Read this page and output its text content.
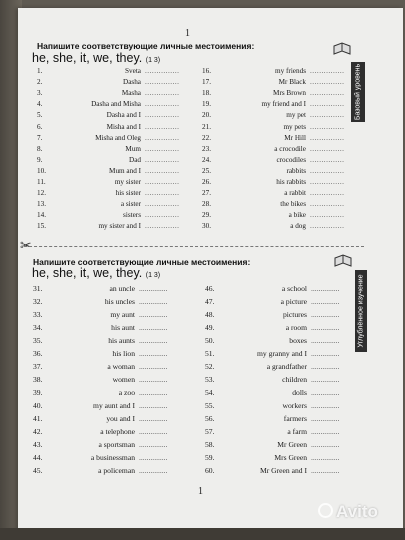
1
Напишите соответствующие личные местоимения:
he, she, it, we, they. (1 3)
Базовый уровень
1.	Sveta ...............
2.	Dasha ...............
3.	Masha ...............
4.	Dasha and Misha ...............
5.	Dasha and I ...............
6.	Misha and I ...............
7.	Misha and Oleg ...............
8.	Mum ...............
9.	Dad ...............
10.	Mum and I ...............
11.	my sister ...............
12.	his sister ...............
13.	a sister ...............
14.	sisters ...............
15.	my sister and I ...............
16.	my friends ...............
17.	Mr Black ...............
18.	Mrs Brown ...............
19.	my friend and I ...............
20.	my pet ...............
21.	my pets ...............
22.	Mr Hill ...............
23.	a crocodile ...............
24.	crocodiles ...............
25.	rabbits ...............
26.	his rabbits ...............
27.	a rabbit ...............
28.	the bikes ...............
29.	a bike ...............
30.	a dog ...............
✂
Напишите соответствующие личные местоимения:
he, she, it, we, they. (1 3)	Углублённое изучение
31.	an uncle ...............
32.	his uncles ...............
33.	my aunt ...............
34.	his aunt ...............
35.	his aunts ...............
36.	his lion ...............
37.	a woman ...............
38.	women ...............
39.	a zoo ...............
40.	my aunt and I ...............
41.	you and I ...............
42.	a telephone ...............
43.	a sportsman ...............
44.	a businessman ...............
45.	a policeman ...............
46.	a school ...............
47.	a picture ...............
48.	pictures ...............
49.	a room ...............
50.	boxes ...............
51.	my granny and I ...............
52.	a grandfather ...............
53.	children ...............
54.	dolls ...............
55.	workers ...............
56.	farmers ...............
57.	a farm ...............
58.	Mr Green ...............
59.	Mrs Green ...............
60.	Mr Green and I ...............
1
Avito
